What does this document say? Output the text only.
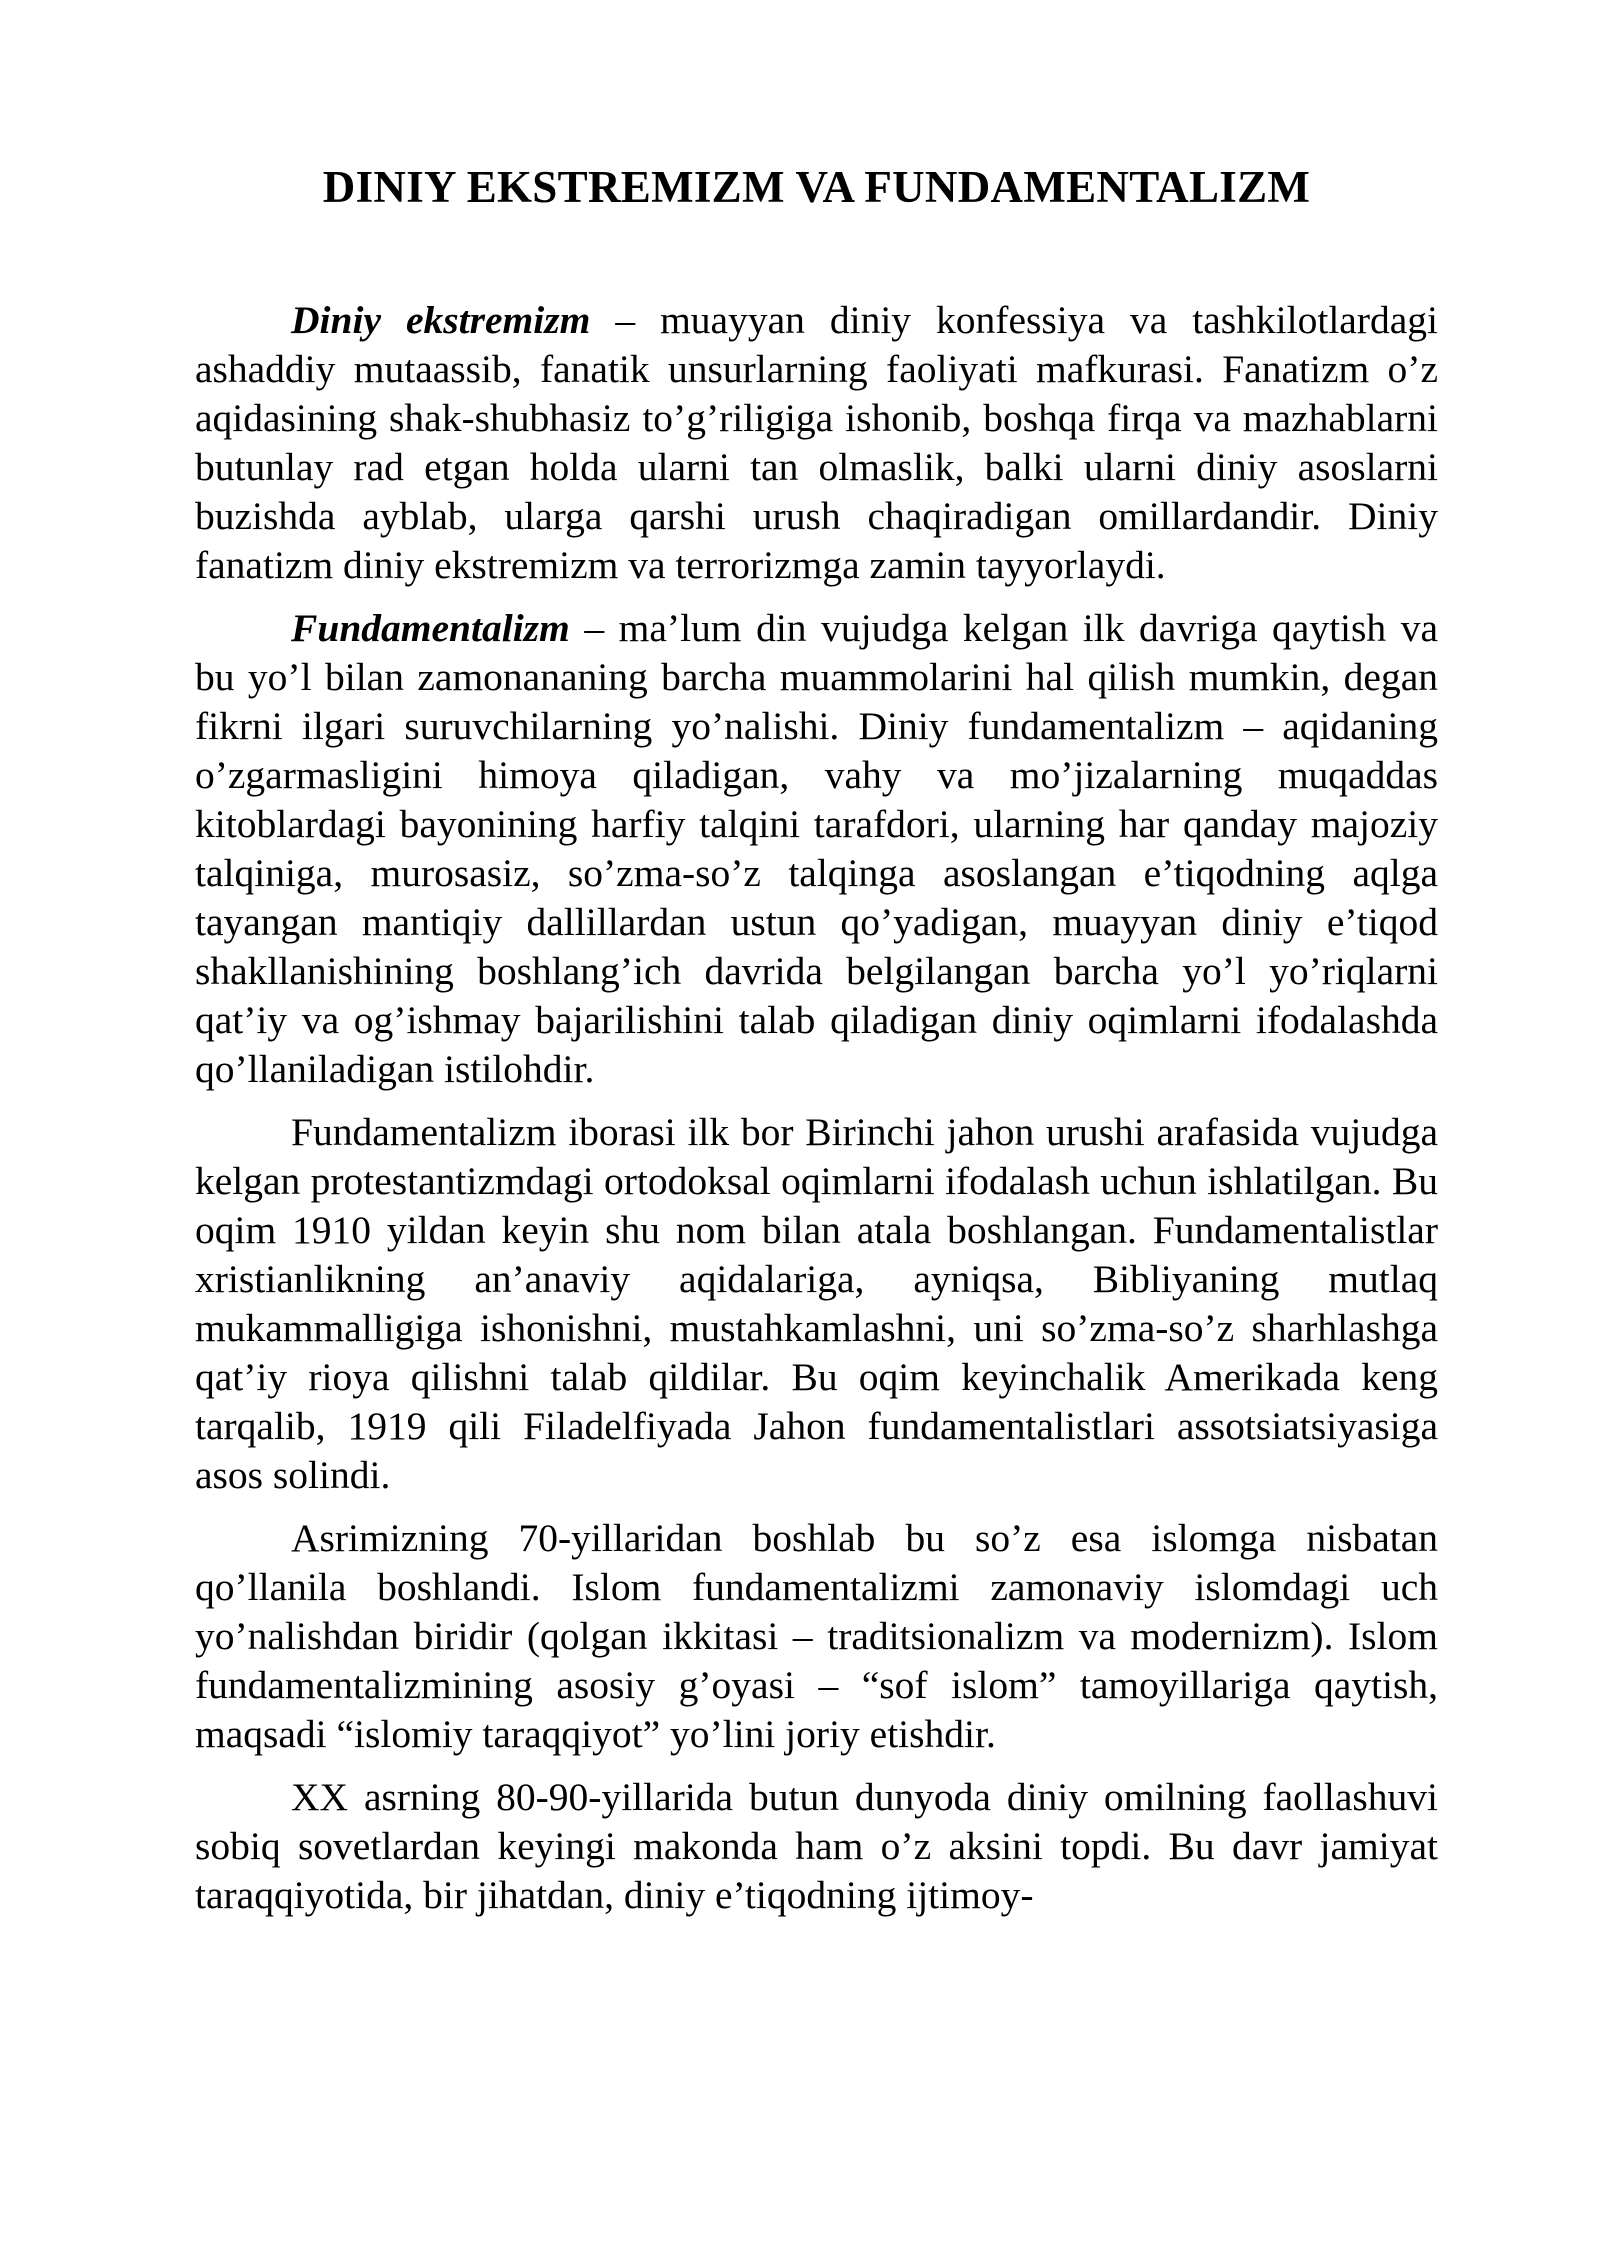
DINIY EKSTREMIZM VA FUNDAMENTALIZM

Diniy ekstremizm – muayyan diniy konfessiya va tashkilotlardagi ashaddiy mutaassib, fanatik unsurlarning faoliyati mafkurasi. Fanatizm o’z aqidasining shak-shubhasiz to’g’riligiga ishonib, boshqa firqa va mazhablarni butunlay rad etgan holda ularni tan olmaslik, balki ularni diniy asoslarni buzishda ayblab, ularga qarshi urush chaqiradigan omillardandir. Diniy fanatizm diniy ekstremizm va terrorizmga zamin tayyorlaydi.

Fundamentalizm – ma’lum din vujudga kelgan ilk davriga qaytish va bu yo’l bilan zamonananing barcha muammolarini hal qilish mumkin, degan fikrni ilgari suruvchilarning yo’nalishi. Diniy fundamentalizm – aqidaning o’zgarmasligini himoya qiladigan, vahy va mo’jizalarning muqaddas kitoblardagi bayonining harfiy talqini tarafdori, ularning har qanday majoziy talqiniga, murosasiz, so’zma-so’z talqinga asoslangan e’tiqodning aqlga tayangan mantiqiy dallillardan ustun qo’yadigan, muayyan diniy e’tiqod shakllanishining boshlang’ich davrida belgilangan barcha yo’l yo’riqlarni qat’iy va og’ishmay bajarilishini talab qiladigan diniy oqimlarni ifodalashda qo’llaniladigan istilohdir.

Fundamentalizm iborasi ilk bor Birinchi jahon urushi arafasida vujudga kelgan protestantizmdagi ortodoksal oqimlarni ifodalash uchun ishlatilgan. Bu oqim 1910 yildan keyin shu nom bilan atala boshlangan. Fundamentalistlar xristianlikning an’anaviy aqidalariga, ayniqsa, Bibliyaning mutlaq mukammalligiga ishonishni, mustahkamlashni, uni so’zma-so’z sharhlashga qat’iy rioya qilishni talab qildilar. Bu oqim keyinchalik Amerikada keng tarqalib, 1919 qili Filadelfiyada Jahon fundamentalistlari assotsiatsiyasiga asos solindi.

Asrimizning 70-yillaridan boshlab bu so’z esa islomga nisbatan qo’llanila boshlandi. Islom fundamentalizmi zamonaviy islomdagi uch yo’nalishdan biridir (qolgan ikkitasi – traditsionalizm va modernizm). Islom fundamentalizmining asosiy g’oyasi – “sof islom” tamoyillariga qaytish, maqsadi “islomiy taraqqiyot” yo’lini joriy etishdir.

XX asrning 80-90-yillarida butun dunyoda diniy omilning faollashuvi sobiq sovetlardan keyingi makonda ham o’z aksini topdi. Bu davr jamiyat taraqqiyotida, bir jihatdan, diniy e’tiqodning ijtimoy-
